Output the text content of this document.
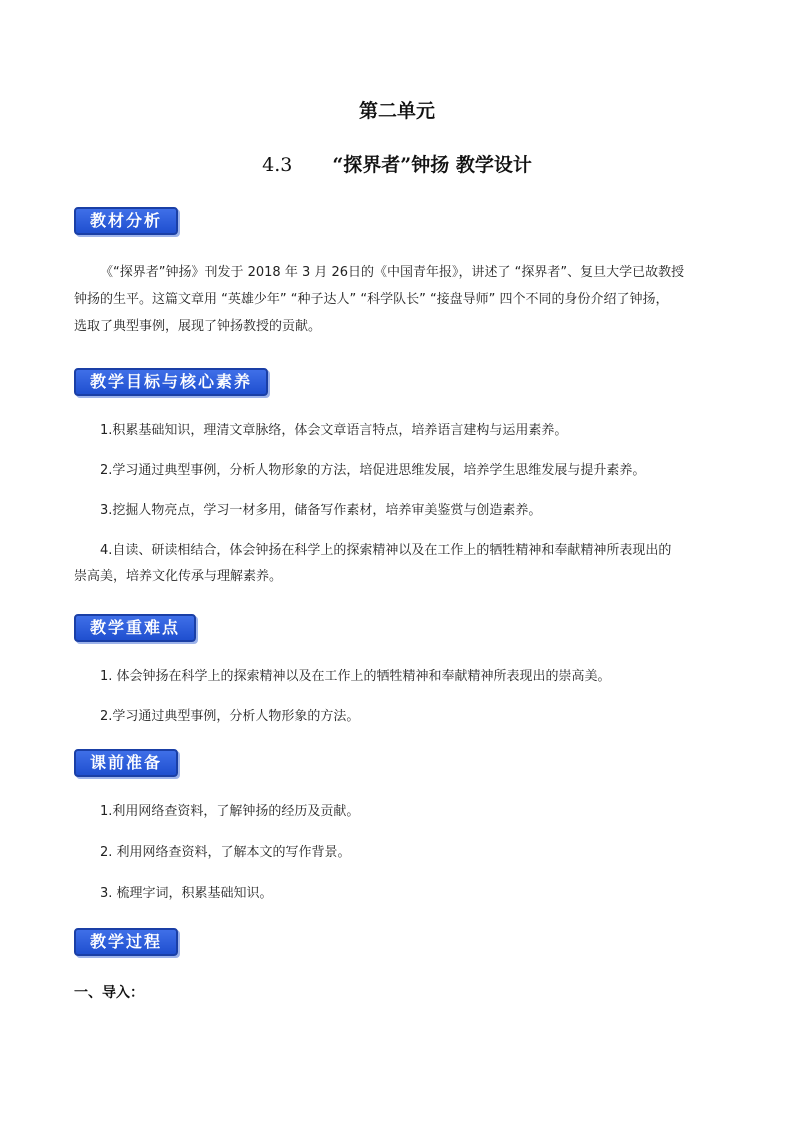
第二单元
4.3 “探界者”钟扬 教学设计
教材分析
《“探界者”钟扬》刊发于 2018 年 3 月 26日的《中国青年报》，讲述了 “探界者”、复旦大学已故教授
钟扬的生平。这篇文章用 “英雄少年” “种子达人” “科学队长” “接盘导师” 四个不同的身份介绍了钟扬，
选取了典型事例，展现了钟扬教授的贡献。
教学目标与核心素养
1.积累基础知识，理清文章脉络，体会文章语言特点，培养语言建构与运用素养。
2.学习通过典型事例，分析人物形象的方法，培促进思维发展，培养学生思维发展与提升素养。
3.挖掘人物亮点，学习一材多用，储备写作素材，培养审美鉴赏与创造素养。
4.自读、研读相结合，体会钟扬在科学上的探索精神以及在工作上的牺牲精神和奉献精神所表现出的
崇高美，培养文化传承与理解素养。
教学重难点
1. 体会钟扬在科学上的探索精神以及在工作上的牺牲精神和奉献精神所表现出的崇高美。
2.学习通过典型事例，分析人物形象的方法。
课前准备
1.利用网络查资料，了解钟扬的经历及贡献。
2. 利用网络查资料，了解本文的写作背景。
3. 梳理字词，积累基础知识。
教学过程
一、导入：
